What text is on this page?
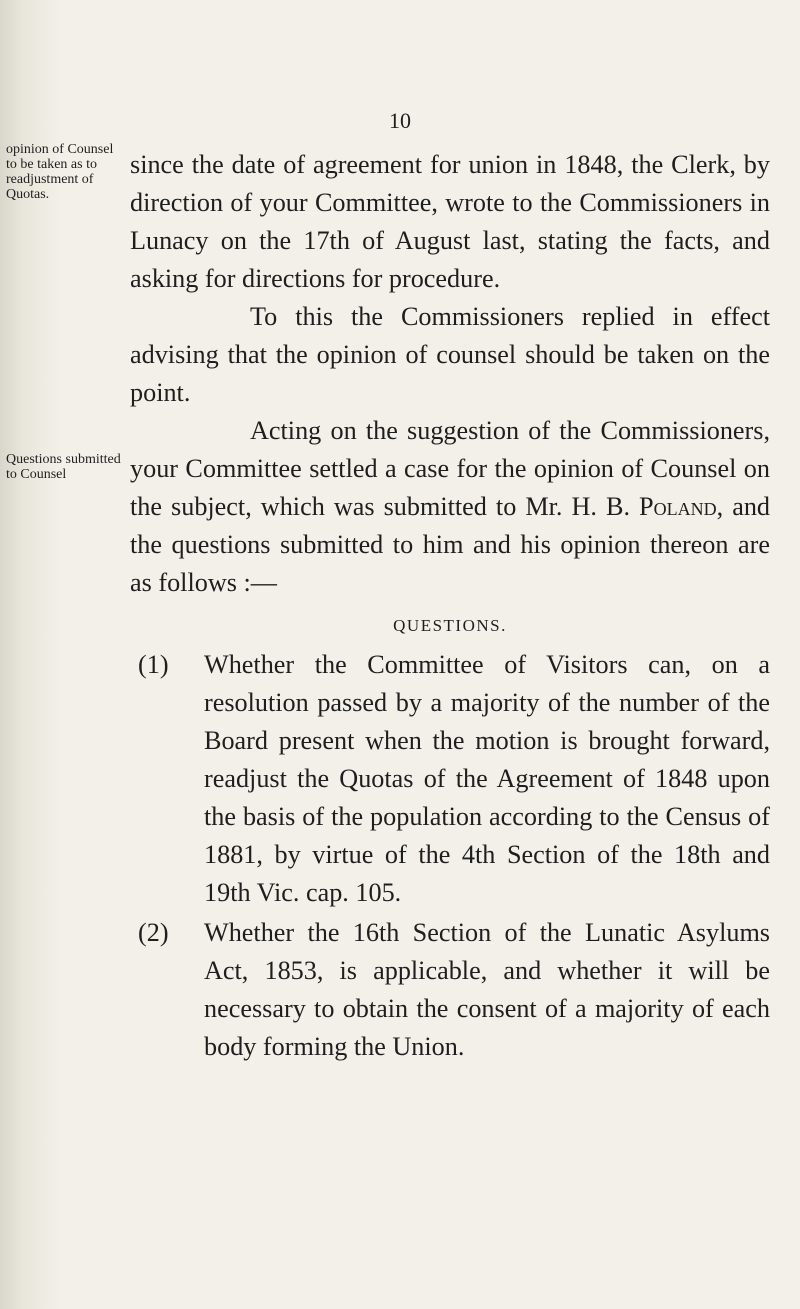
10
opinion of Counsel to be taken as to readjustment of Quotas.
Questions submitted to Counsel

since the date of agreement for union in 1848, the Clerk, by direction of your Committee, wrote to the Commissioners in Lunacy on the 17th of August last, stating the facts, and asking for directions for procedure.

To this the Commissioners replied in effect advising that the opinion of counsel should be taken on the point.

Acting on the suggestion of the Commissioners, your Committee settled a case for the opinion of Counsel on the subject, which was submitted to Mr. H. B. Poland, and the questions submitted to him and his opinion thereon are as follows :—

QUESTIONS.
(1) Whether the Committee of Visitors can, on a resolution passed by a majority of the number of the Board present when the motion is brought forward, readjust the Quotas of the Agreement of 1848 upon the basis of the population according to the Census of 1881, by virtue of the 4th Section of the 18th and 19th Vic. cap. 105.
(2) Whether the 16th Section of the Lunatic Asylums Act, 1853, is applicable, and whether it will be necessary to obtain the consent of a majority of each body forming the Union.
